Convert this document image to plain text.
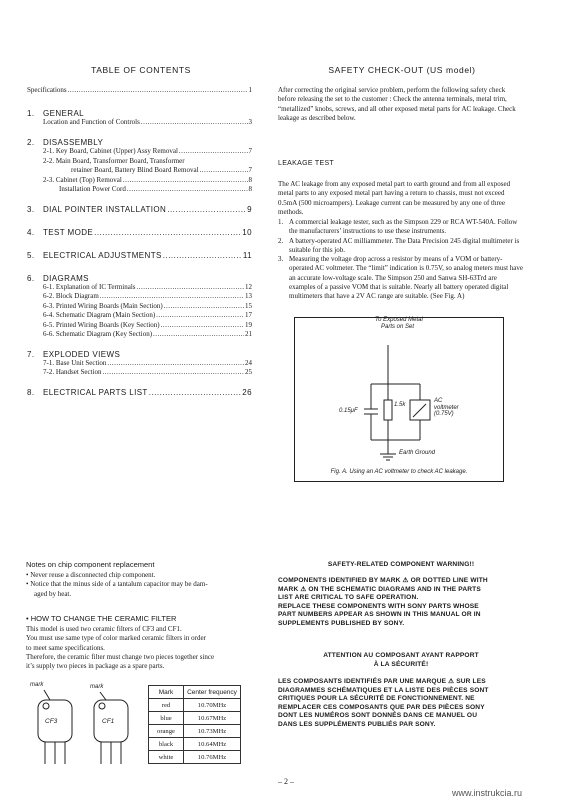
TABLE OF CONTENTS
Specifications .....	1
1. GENERAL
Location and Function of Controls .....	3
2. DISASSEMBLY
2-1. Key Board, Cabinet (Upper) Assy Removal .....	7
2-2. Main Board, Transformer Board, Transformer
retainer Board, Battery Blind Board Removal .....	7
2-3. Cabinet (Top) Removal .....	8
Installation Power Cord .....	8
3. DIAL POINTER INSTALLATION .....	9
4. TEST MODE .....	10
5. ELECTRICAL ADJUSTMENTS .....	11
6. DIAGRAMS
6-1. Explanation of IC Terminals .....	12
6-2. Block Diagram .....	13
6-3. Printed Wiring Boards (Main Section) .....	15
6-4. Schematic Diagram (Main Section) .....	17
6-5. Printed Wiring Boards (Key Section) .....	19
6-6. Schematic Diagram (Key Section) .....	21
7. EXPLODED VIEWS
7-1. Base Unit Section .....	24
7-2. Handset Section .....	25
8. ELECTRICAL PARTS LIST .....	26
SAFETY CHECK-OUT (US model)
After correcting the original service problem, perform the following safety check before releasing the set to the customer : Check the antenna terminals, metal trim, “metallized” knobs, screws, and all other exposed metal parts for AC leakage. Check leakage as described below.
LEAKAGE TEST
The AC leakage from any exposed metal part to earth ground and from all exposed metal parts to any exposed metal part having a return to chassis, must not exceed 0.5mA (500 microampers). Leakage current can be measured by any one of three methods.
1. A commercial leakage tester, such as the Simpson 229 or RCA WT-540A. Follow the manufacturers’ instructions to use these instruments.
2. A battery-operated AC milliammeter. The Data Precision 245 digital multimeter is suitable for this job.
3. Measuring the voltage drop across a resistor by means of a VOM or battery-operated AC voltmeter. The “limit” indication is 0.75V, so analog meters must have an accurate low-voltage scale. The Simpson 250 and Sanwa SH-63Trd are examples of a passive VOM that is suitable. Nearly all battery operated digital multimeters that have a 2V AC range are suitable. (See Fig. A)
To Exposed Metal
Parts on Set
0.15μF
1.5k
AC
voltmeter
(0.75V)
Earth Ground
Fig. A. Using an AC voltmeter to check AC leakage.
Notes on chip component replacement
• Never reuse a disconnected chip component.
• Notice that the minus side of a tantalum capacitor may be dam-
aged by heat.
• HOW TO CHANGE THE CERAMIC FILTER
This model is used two ceramic filters of CF3 and CF1.
You must use same type of color marked ceramic filters in order
to meet same specifications.
Therefore, the ceramic filter must change two pieces together since
it’s supply two pieces in package as a spare parts.
mark	mark
CF3	CF1
Mark	Center frequency
red	10.70MHz
blue	10.67MHz
orange	10.73MHz
black	10.64MHz
white	10.76MHz
SAFETY-RELATED COMPONENT WARNING!!
COMPONENTS IDENTIFIED BY MARK ⚠ OR DOTTED LINE WITH
MARK ⚠ ON THE SCHEMATIC DIAGRAMS AND IN THE PARTS
LIST ARE CRITICAL TO SAFE OPERATION.
REPLACE THESE COMPONENTS WITH SONY PARTS WHOSE
PART NUMBERS APPEAR AS SHOWN IN THIS MANUAL OR IN
SUPPLEMENTS PUBLISHED BY SONY.
ATTENTION AU COMPOSANT AYANT RAPPORT
À LA SÉCURITÉ!
LES COMPOSANTS IDENTIFIÉS PAR UNE MARQUE ⚠ SUR LES
DIAGRAMMES SCHÉMATIQUES ET LA LISTE DES PIÈCES SONT
CRITIQUES POUR LA SÉCURITÉ DE FONCTIONNEMENT. NE
REMPLACER CES COMPOSANTS QUE PAR DES PIÈCES SONY
DONT LES NUMÉROS SONT DONNÉS DANS CE MANUEL OU
DANS LES SUPPLÉMENTS PUBLIÉS PAR SONY.
– 2 –
www.instrukcia.ru
